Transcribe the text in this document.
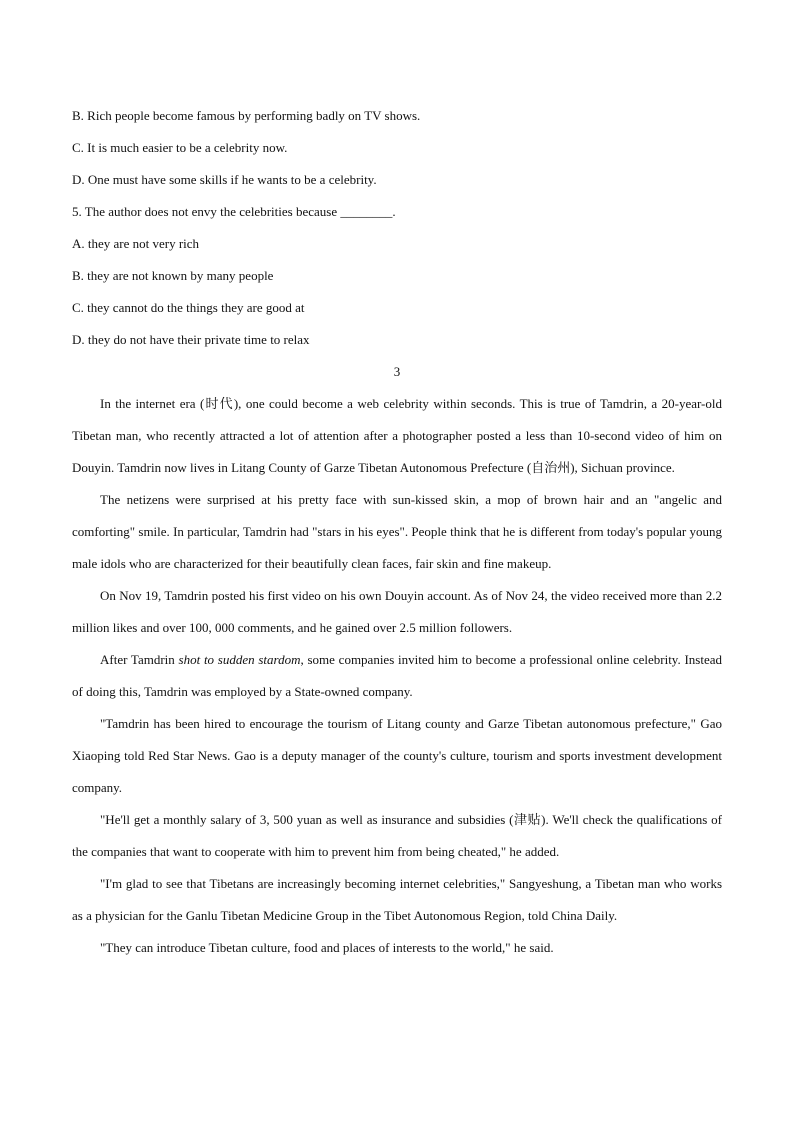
B. Rich people become famous by performing badly on TV shows.

C. It is much easier to be a celebrity now.

D. One must have some skills if he wants to be a celebrity.

5. The author does not envy the celebrities because ________.

A. they are not very rich

B. they are not known by many people

C. they cannot do the things they are good at

D. they do not have their private time to relax

3

In the internet era (时代), one could become a web celebrity within seconds. This is true of Tamdrin, a 20-year-old Tibetan man, who recently attracted a lot of attention after a photographer posted a less than 10-second video of him on Douyin. Tamdrin now lives in Litang County of Garze Tibetan Autonomous Prefecture (自治州), Sichuan province.

The netizens were surprised at his pretty face with sun-kissed skin, a mop of brown hair and an "angelic and comforting" smile. In particular, Tamdrin had "stars in his eyes". People think that he is different from today's popular young male idols who are characterized for their beautifully clean faces, fair skin and fine makeup.

On Nov 19, Tamdrin posted his first video on his own Douyin account. As of Nov 24, the video received more than 2.2 million likes and over 100, 000 comments, and he gained over 2.5 million followers.

After Tamdrin shot to sudden stardom, some companies invited him to become a professional online celebrity. Instead of doing this, Tamdrin was employed by a State-owned company.

"Tamdrin has been hired to encourage the tourism of Litang county and Garze Tibetan autonomous prefecture," Gao Xiaoping told Red Star News. Gao is a deputy manager of the county's culture, tourism and sports investment development company.

"He'll get a monthly salary of 3, 500 yuan as well as insurance and subsidies (津贴). We'll check the qualifications of the companies that want to cooperate with him to prevent him from being cheated," he added.

"I'm glad to see that Tibetans are increasingly becoming internet celebrities," Sangyeshung, a Tibetan man who works as a physician for the Ganlu Tibetan Medicine Group in the Tibet Autonomous Region, told China Daily.

"They can introduce Tibetan culture, food and places of interests to the world," he said.
